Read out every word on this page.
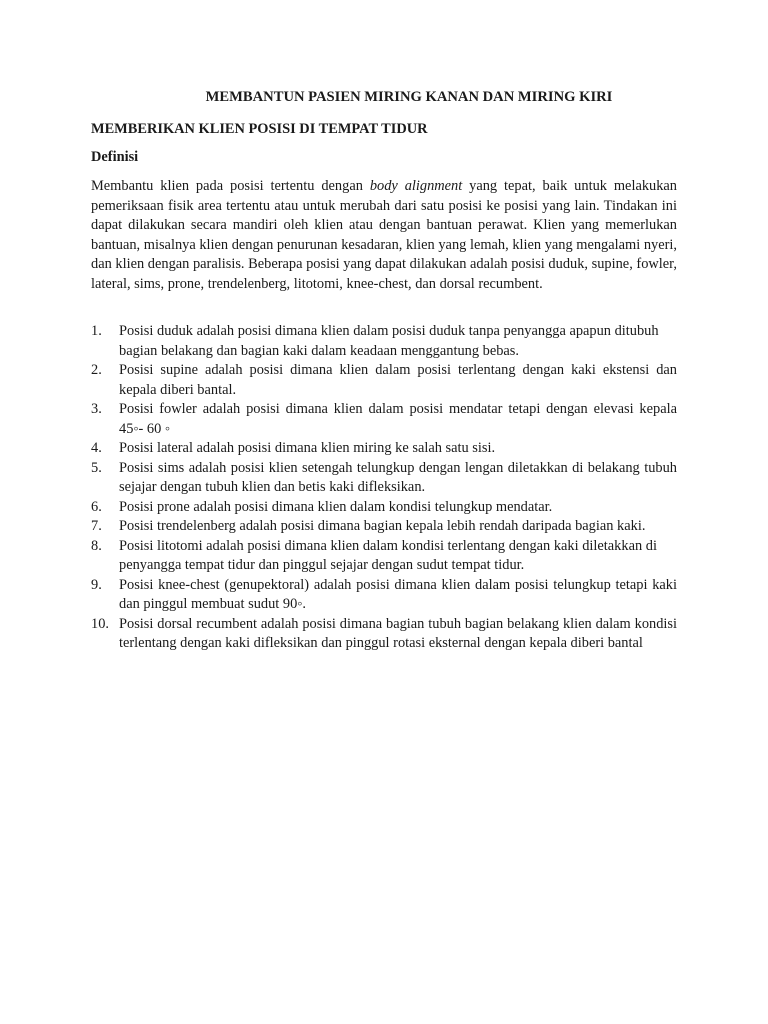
MEMBANTUN PASIEN MIRING KANAN DAN MIRING KIRI
MEMBERIKAN KLIEN POSISI DI TEMPAT TIDUR
Definisi

Membantu klien pada posisi tertentu dengan body alignment yang tepat, baik untuk melakukan pemeriksaan fisik area tertentu atau untuk merubah dari satu posisi ke posisi yang lain. Tindakan ini dapat dilakukan secara mandiri oleh klien atau dengan bantuan perawat. Klien yang memerlukan bantuan, misalnya klien dengan penurunan kesadaran, klien yang lemah, klien yang mengalami nyeri, dan klien dengan paralisis. Beberapa posisi yang dapat dilakukan adalah posisi duduk, supine, fowler, lateral, sims, prone, trendelenberg, litotomi, knee-chest, dan dorsal recumbent.

1.	Posisi duduk adalah posisi dimana klien dalam posisi duduk tanpa penyangga apapun ditubuh bagian belakang dan bagian kaki dalam keadaan menggantung bebas.
2.	Posisi supine adalah posisi dimana klien dalam posisi terlentang dengan kaki ekstensi dan kepala diberi bantal.
3.	Posisi fowler adalah posisi dimana klien dalam posisi mendatar tetapi dengan elevasi kepala 45◦- 60 ◦
4.	Posisi lateral adalah posisi dimana klien miring ke salah satu sisi.
5.	Posisi sims adalah posisi klien setengah telungkup dengan lengan diletakkan di belakang tubuh sejajar dengan tubuh klien dan betis kaki difleksikan.
6.	Posisi prone adalah posisi dimana klien dalam kondisi telungkup mendatar.
7.	Posisi trendelenberg adalah posisi dimana bagian kepala lebih rendah daripada bagian kaki.
8.	Posisi litotomi adalah posisi dimana klien dalam kondisi terlentang dengan kaki diletakkan di penyangga tempat tidur dan pinggul sejajar dengan sudut tempat tidur.
9.	Posisi knee-chest (genupektoral) adalah posisi dimana klien dalam posisi telungkup tetapi kaki dan pinggul membuat sudut 90◦.
10. Posisi dorsal recumbent adalah posisi dimana bagian tubuh bagian belakang klien dalam kondisi terlentang dengan kaki difleksikan dan pinggul rotasi eksternal dengan kepala diberi bantal
